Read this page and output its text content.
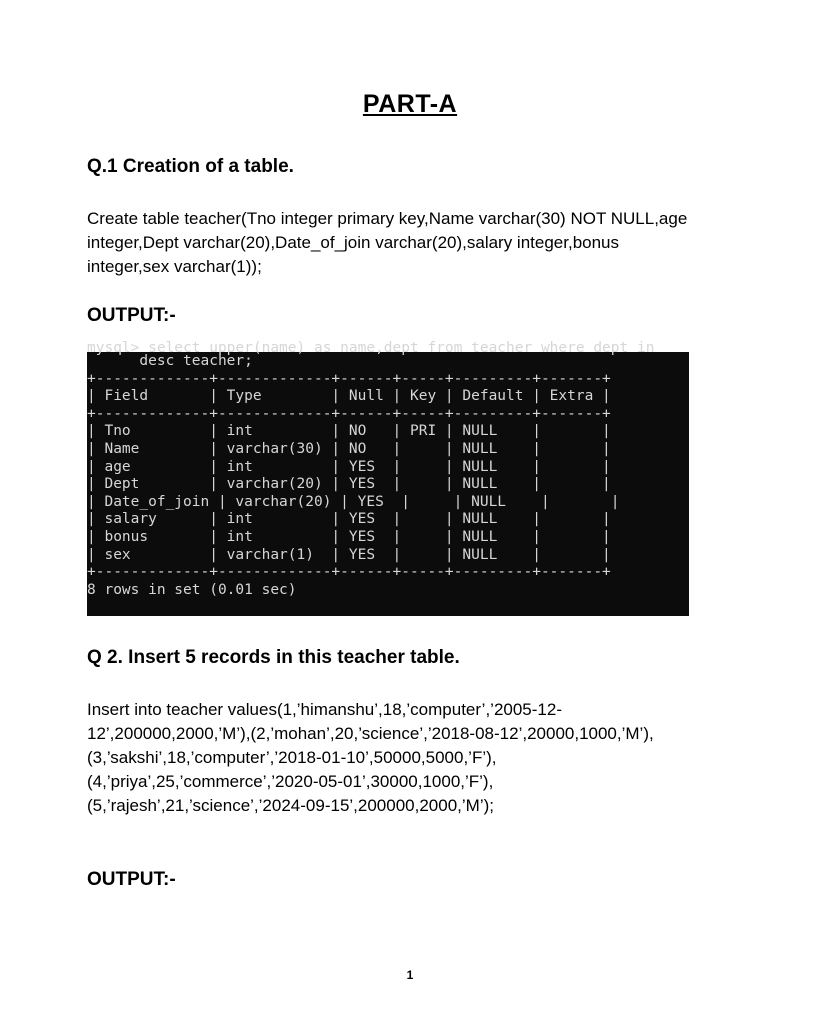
PART-A
Q.1 Creation of a table.
Create table teacher(Tno integer primary key,Name varchar(30) NOT NULL,age integer,Dept varchar(20),Date_of_join varchar(20),salary integer,bonus integer,sex varchar(1));
OUTPUT:-
mysql> select upper(name) as name,dept from teacher where dept in
desc teacher;
+-------------+-------------+------+-----+---------+-------+
| Field       | Type        | Null | Key | Default | Extra |
+-------------+-------------+------+-----+---------+-------+
| Tno         | int         | NO   | PRI | NULL    |       |
| Name        | varchar(30) | NO   |     | NULL    |       |
| age         | int         | YES  |     | NULL    |       |
| Dept        | varchar(20) | YES  |     | NULL    |       |
| Date_of_join | varchar(20) | YES  |     | NULL    |       |
| salary      | int         | YES  |     | NULL    |       |
| bonus       | int         | YES  |     | NULL    |       |
| sex         | varchar(1)  | YES  |     | NULL    |       |
+-------------+-------------+------+-----+---------+-------+
8 rows in set (0.01 sec)
Q 2. Insert 5 records in this teacher table.
Insert into teacher values(1,’himanshu’,18,’computer’,’2005-12-12’,200000,2000,’M’),(2,’mohan’,20,’science’,’2018-08-12’,20000,1000,’M’),(3,’sakshi’,18,’computer’,’2018-01-10’,50000,5000,’F’),(4,’priya’,25,’commerce’,’2020-05-01’,30000,1000,’F’),(5,’rajesh’,21,’science’,’2024-09-15’,200000,2000,’M’);
OUTPUT:-
1
